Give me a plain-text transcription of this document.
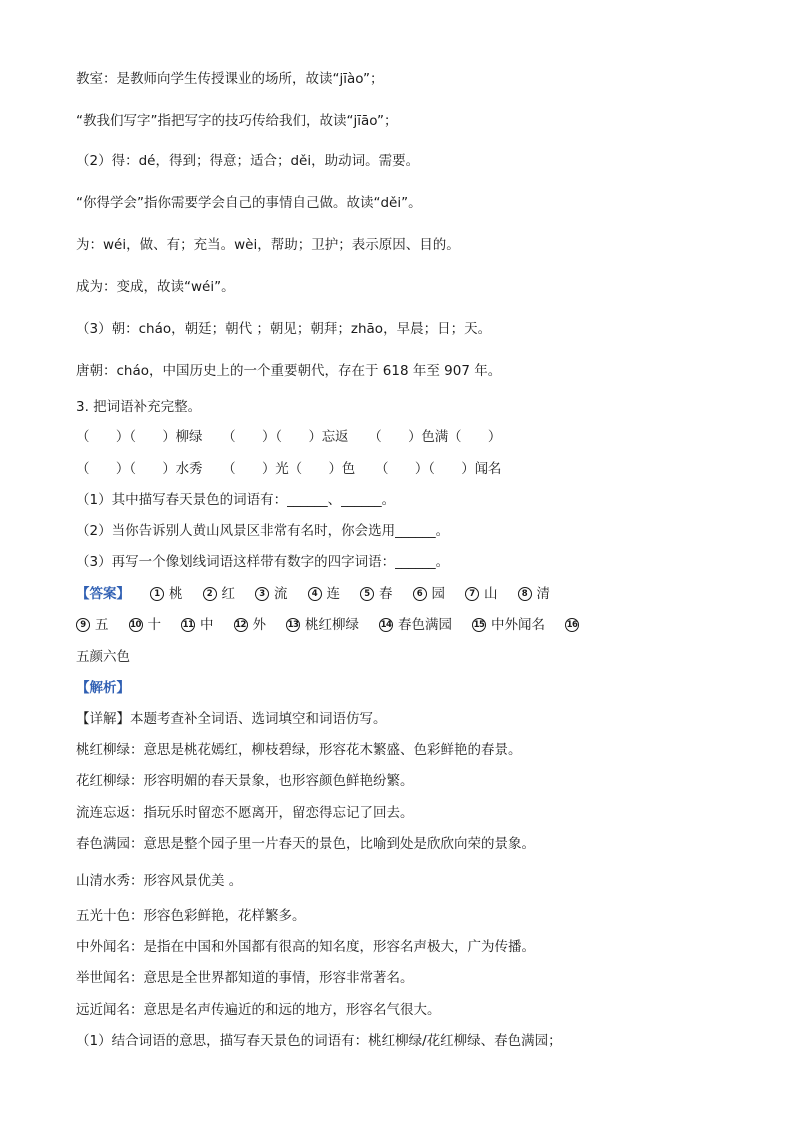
教室：是教师向学生传授课业的场所，故读“jīào”；
“教我们写字”指把写字的技巧传给我们，故读“jīāo”；
（2）得：dé，得到；得意；适合；děi，助动词。需要。
“你得学会”指你需要学会自己的事情自己做。故读“děi”。
为：wéi，做、有；充当。wèi，帮助；卫护；表示原因、目的。
成为：变成，故读“wéi”。
（3）朝：cháo，朝廷；朝代 ；朝见；朝拜；zhāo，早晨；日；天。
唐朝：cháo，中国历史上的一个重要朝代，存在于 618 年至 907 年。
3. 把词语补充完整。
（　　）（　　）柳绿　　（　　）（　　）忘返　　（　　）色满（　　）
（　　）（　　）水秀　　（　　）光（　　）色　　（　　）（　　）闻名
（1）其中描写春天景色的词语有：______、______。
（2）当你告诉别人黄山风景区非常有名时，你会选用______。
（3）再写一个像划线词语这样带有数字的四字词语：______。
【答案】	1 桃	2 红	3 流	4 连	5 春	6 园	7 山	8 清
9 五	10 十	11 中	12 外	13 桃红柳绿	14 春色满园	15 中外闻名	16
五颜六色
【解析】
【详解】本题考查补全词语、选词填空和词语仿写。
桃红柳绿：意思是桃花嫣红，柳枝碧绿，形容花木繁盛、色彩鲜艳的春景。
花红柳绿：形容明媚的春天景象，也形容颜色鲜艳纷繁。
流连忘返：指玩乐时留恋不愿离开，留恋得忘记了回去。
春色满园：意思是整个园子里一片春天的景色，比喻到处是欣欣向荣的景象。
山清水秀：形容风景优美 。
五光十色：形容色彩鲜艳，花样繁多。
中外闻名：是指在中国和外国都有很高的知名度，形容名声极大，广为传播。
举世闻名：意思是全世界都知道的事情，形容非常著名。
远近闻名：意思是名声传遍近的和远的地方，形容名气很大。
（1）结合词语的意思，描写春天景色的词语有：桃红柳绿/花红柳绿、春色满园；
